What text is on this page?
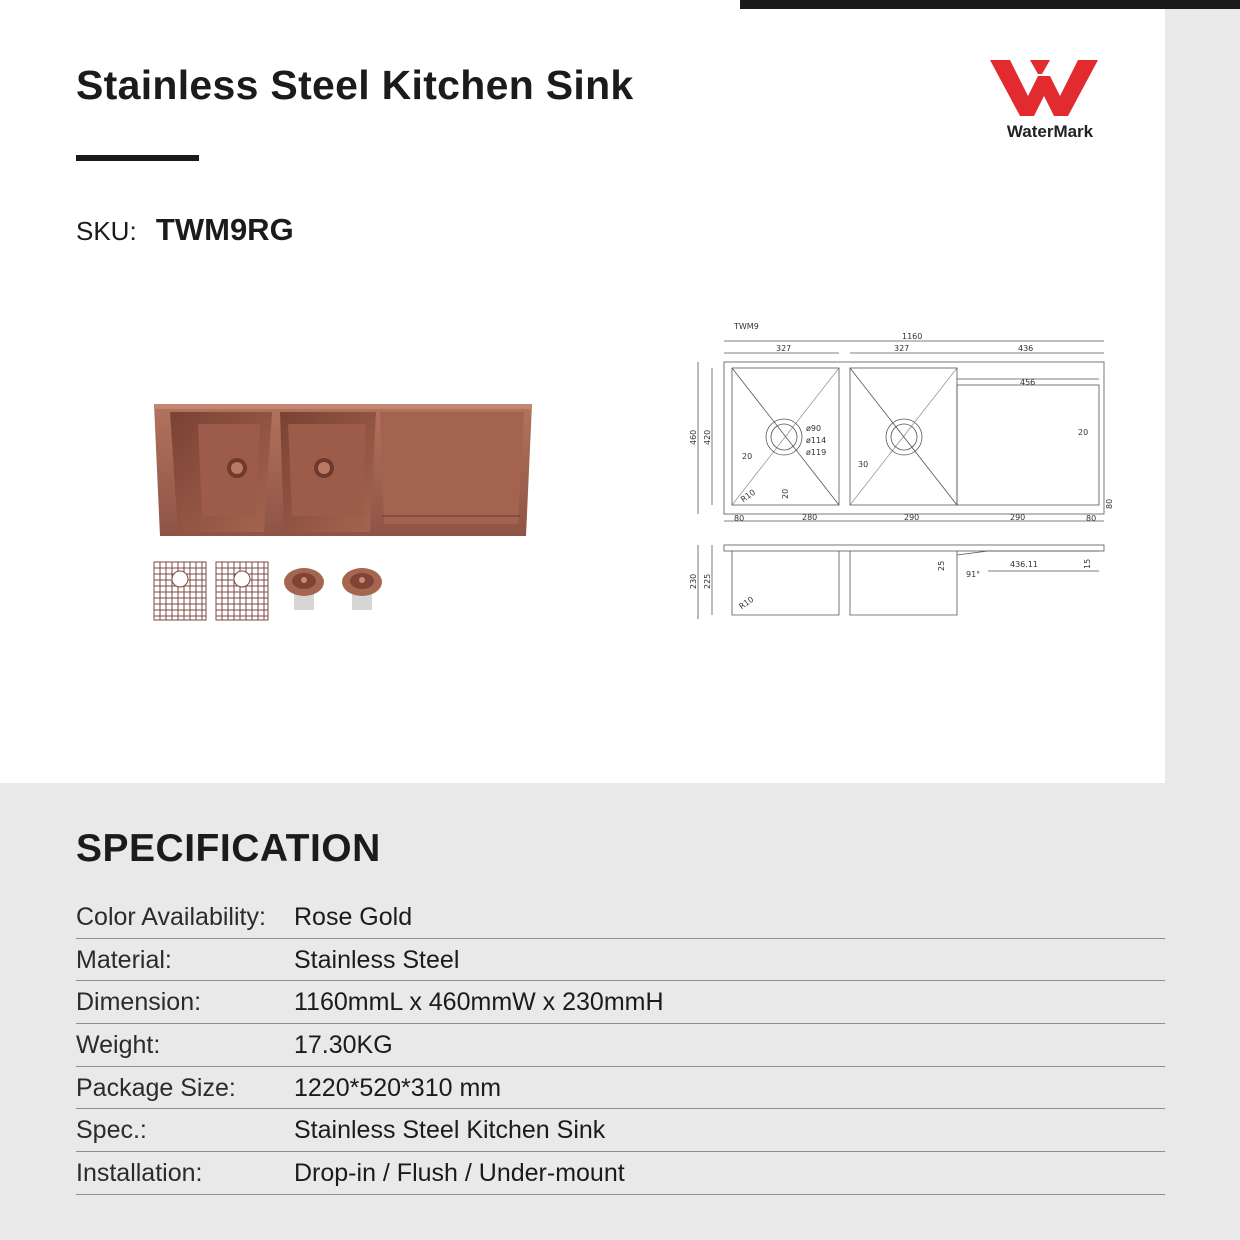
Stainless Steel Kitchen Sink
SKU: TWM9RG
WaterMark
TWM9
1160
327	327	436
456
460 420
ø90
ø114
ø119
20
20
20
30
R10
80	280	290	290	80
80
230 225
25
91°
436.11	15
R10
SPECIFICATION
Color Availability: Rose Gold
Material:	Stainless Steel
Dimension:	1160mmL x 460mmW x 230mmH
Weight:	17.30KG
Package Size: 1220*520*310 mm
Spec.:	Stainless Steel Kitchen Sink
Installation:	Drop-in / Flush / Under-mount
